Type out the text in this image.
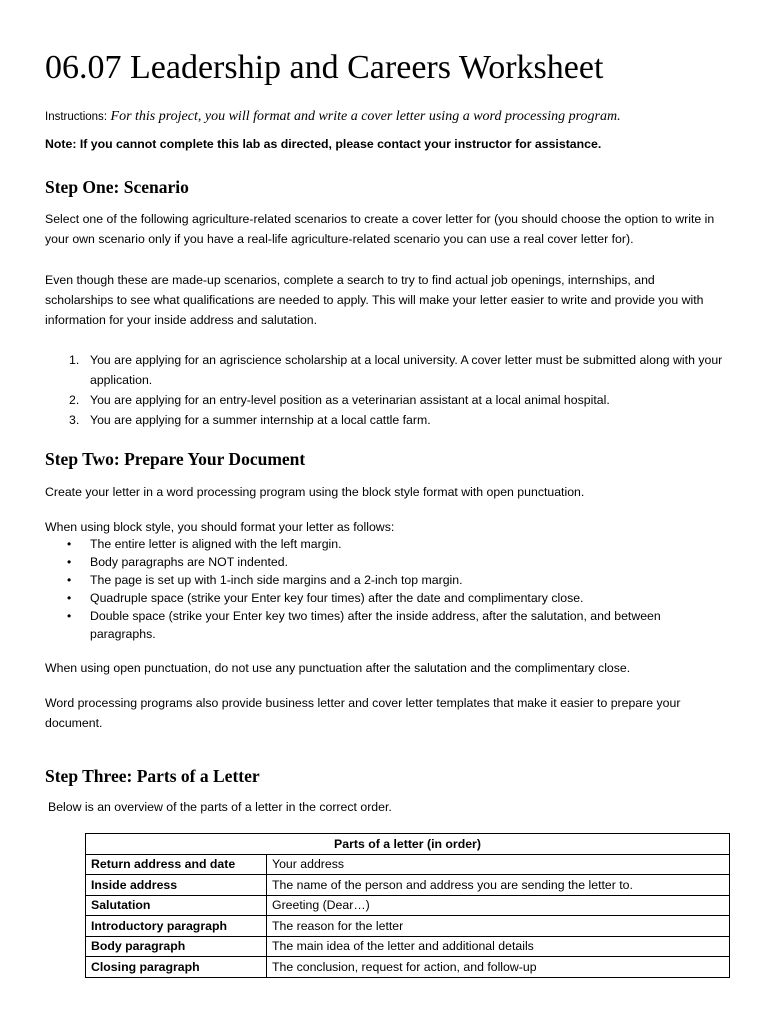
06.07 Leadership and Careers Worksheet
Instructions: For this project, you will format and write a cover letter using a word processing program.
Note: If you cannot complete this lab as directed, please contact your instructor for assistance.
Step One: Scenario
Select one of the following agriculture-related scenarios to create a cover letter for (you should choose the option to write in your own scenario only if you have a real-life agriculture-related scenario you can use a real cover letter for).
Even though these are made-up scenarios, complete a search to try to find actual job openings, internships, and scholarships to see what qualifications are needed to apply. This will make your letter easier to write and provide you with information for your inside address and salutation.
1. You are applying for an agriscience scholarship at a local university. A cover letter must be submitted along with your application.
2. You are applying for an entry-level position as a veterinarian assistant at a local animal hospital.
3. You are applying for a summer internship at a local cattle farm.
Step Two: Prepare Your Document
Create your letter in a word processing program using the block style format with open punctuation.
When using block style, you should format your letter as follows:
• The entire letter is aligned with the left margin.
• Body paragraphs are NOT indented.
• The page is set up with 1-inch side margins and a 2-inch top margin.
• Quadruple space (strike your Enter key four times) after the date and complimentary close.
• Double space (strike your Enter key two times) after the inside address, after the salutation, and between paragraphs.
When using open punctuation, do not use any punctuation after the salutation and the complimentary close.
Word processing programs also provide business letter and cover letter templates that make it easier to prepare your document.
Step Three: Parts of a Letter
Below is an overview of the parts of a letter in the correct order.
Parts of a letter (in order)	
Return address and date	Your address
Inside address	The name of the person and address you are sending the letter to.
Salutation	Greeting (Dear…)
Introductory paragraph	The reason for the letter
Body paragraph	The main idea of the letter and additional details
Closing paragraph	The conclusion, request for action, and follow-up
